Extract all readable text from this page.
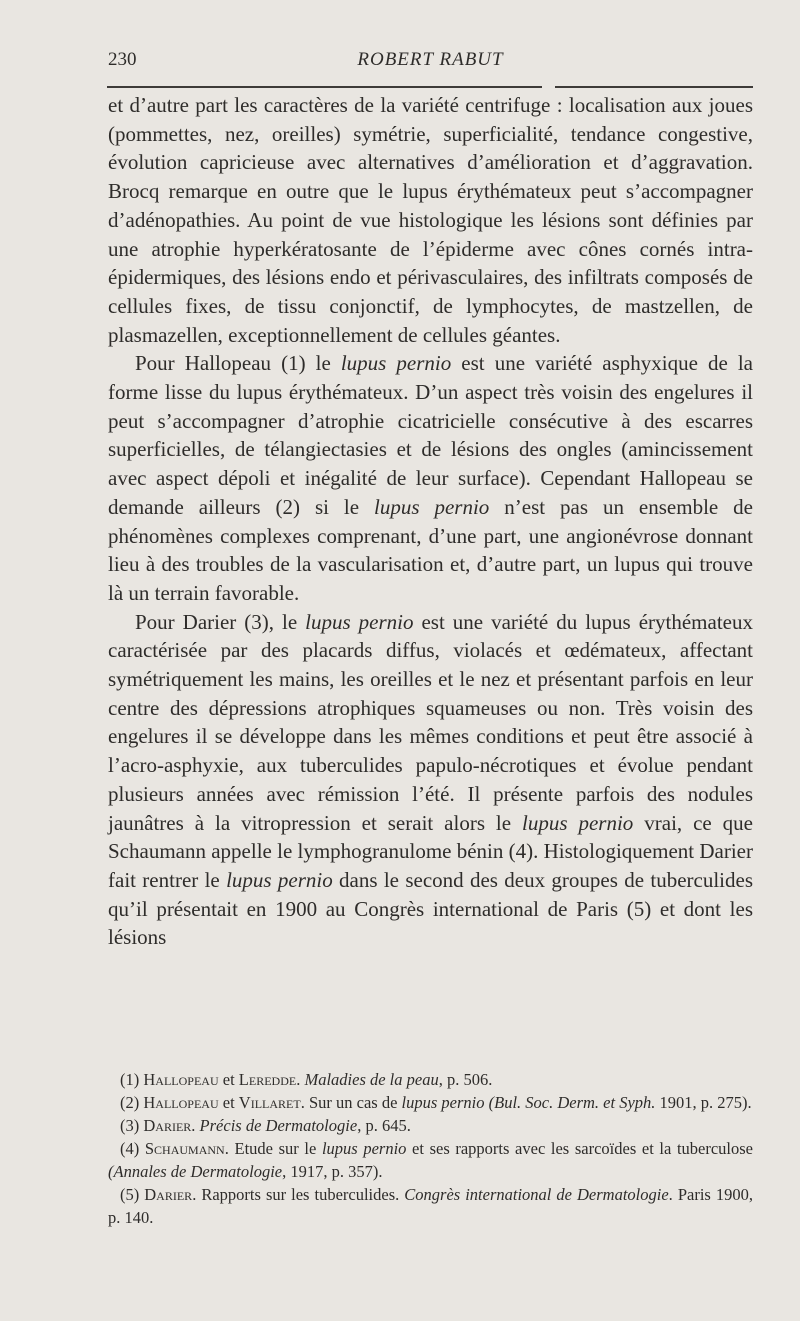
230	ROBERT RABUT

et d’autre part les caractères de la variété centrifuge : localisation aux joues (pommettes, nez, oreilles) symétrie, superficialité, tendance congestive, évolution capricieuse avec alternatives d’amélioration et d’aggravation. Brocq remarque en outre que le lupus érythémateux peut s’accompagner d’adénopathies. Au point de vue histologique les lésions sont définies par une atrophie hyperkératosante de l’épiderme avec cônes cornés intra-épidermiques, des lésions endo et périvasculaires, des infiltrats composés de cellules fixes, de tissu conjonctif, de lymphocytes, de mastzellen, de plasmazellen, exceptionnellement de cellules géantes.

Pour Hallopeau (1) le lupus pernio est une variété asphyxique de la forme lisse du lupus érythémateux. D’un aspect très voisin des engelures il peut s’accompagner d’atrophie cicatricielle consécutive à des escarres superficielles, de télangiectasies et de lésions des ongles (amincissement avec aspect dépoli et inégalité de leur surface). Cependant Hallopeau se demande ailleurs (2) si le lupus pernio n’est pas un ensemble de phénomènes complexes comprenant, d’une part, une angionévrose donnant lieu à des troubles de la vascularisation et, d’autre part, un lupus qui trouve là un terrain favorable.

Pour Darier (3), le lupus pernio est une variété du lupus érythémateux caractérisée par des placards diffus, violacés et œdémateux, affectant symétriquement les mains, les oreilles et le nez et présentant parfois en leur centre des dépressions atrophiques squameuses ou non. Très voisin des engelures il se développe dans les mêmes conditions et peut être associé à l’acro-asphyxie, aux tuberculides papulo-nécrotiques et évolue pendant plusieurs années avec rémission l’été. Il présente parfois des nodules jaunâtres à la vitropression et serait alors le lupus pernio vrai, ce que Schaumann appelle le lymphogranulome bénin (4). Histologiquement Darier fait rentrer le lupus pernio dans le second des deux groupes de tuberculides qu’il présentait en 1900 au Congrès international de Paris (5) et dont les lésions

(1) Hallopeau et Leredde. Maladies de la peau, p. 506.

(2) Hallopeau et Villaret. Sur un cas de lupus pernio (Bul. Soc. Derm. et Syph. 1901, p. 275).

(3) Darier. Précis de Dermatologie, p. 645.

(4) Schaumann. Etude sur le lupus pernio et ses rapports avec les sarcoïdes et la tuberculose (Annales de Dermatologie, 1917, p. 357).

(5) Darier. Rapports sur les tuberculides. Congrès international de Dermatologie. Paris 1900, p. 140.
